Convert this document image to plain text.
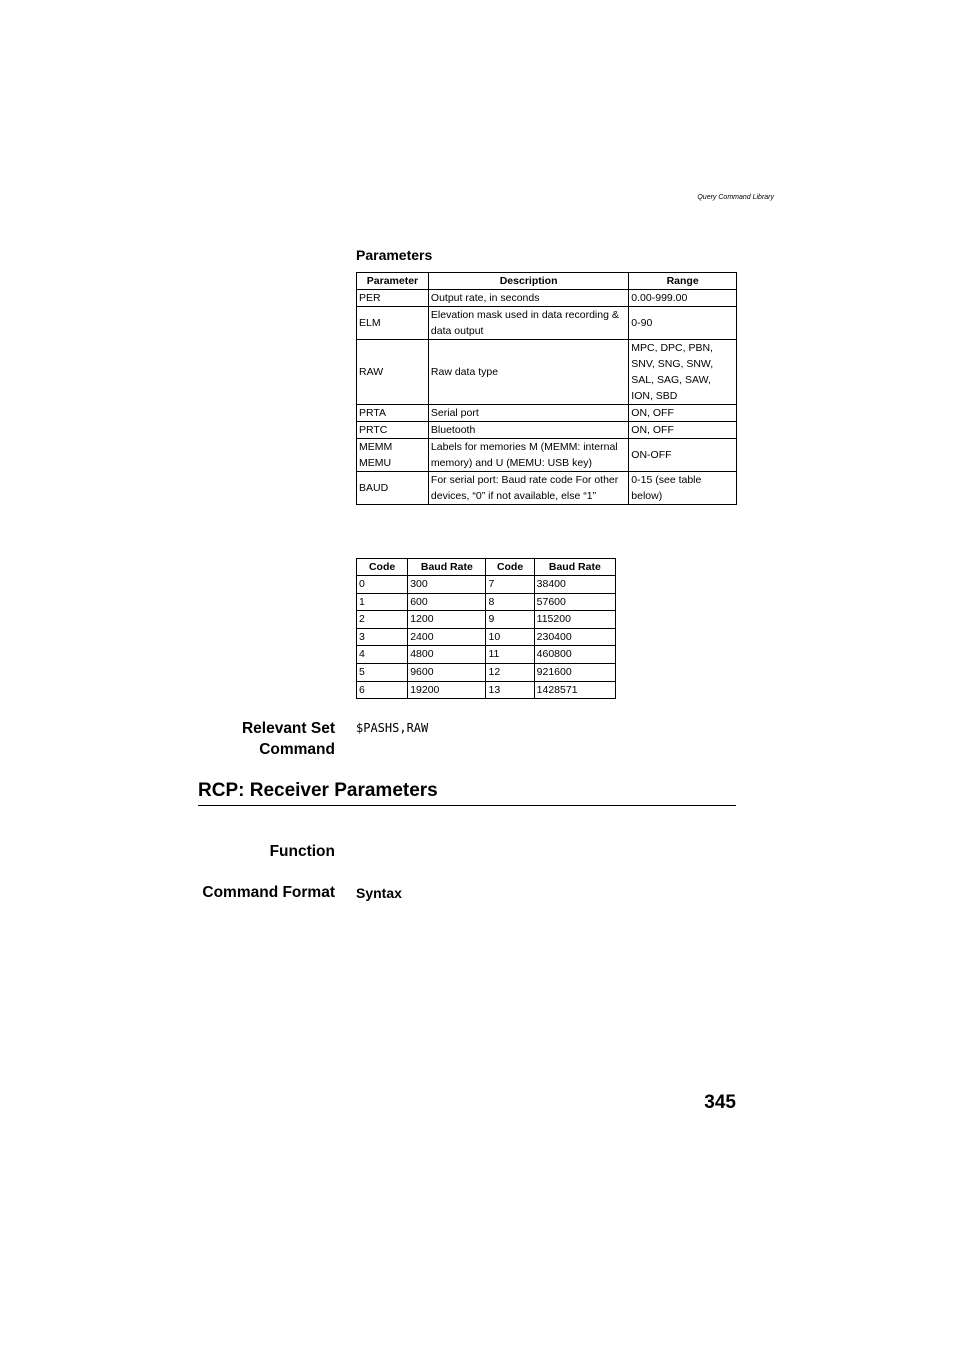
Query Command Library
Parameters
Parameter	Description	Range
PER	Output rate, in seconds	0.00-999.00
ELM	Elevation mask used in data recording & data output	0-90
RAW	Raw data type	MPC, DPC, PBN, SNV, SNG, SNW, SAL, SAG, SAW, ION, SBD
PRTA	Serial port	ON, OFF
PRTC	Bluetooth	ON, OFF
MEMM MEMU	Labels for memories M (MEMM: internal memory) and U (MEMU: USB key)	ON-OFF
BAUD	For serial port: Baud rate code For other devices, “0” if not available, else “1”	0-15 (see table below)
Code	Baud Rate	Code	Baud Rate
0	300	7	38400
1	600	8	57600
2	1200	9	115200
3	2400	10	230400
4	4800	11	460800
5	9600	12	921600
6	19200	13	1428571
Relevant Set
Command
$PASHS,RAW
RCP: Receiver Parameters
Function
Command Format Syntax
345
